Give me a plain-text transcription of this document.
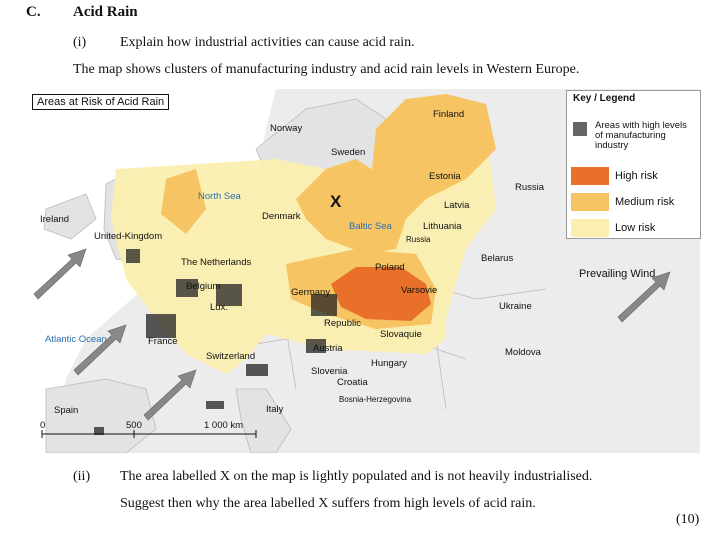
C. Acid Rain
(i) Explain how industrial activities can cause acid rain.
The map shows clusters of manufacturing industry and acid rain levels in Western Europe.
Finland
Norway
Sweden
Estonia
Russia
North Sea
Denmark
Latvia
Ireland
Baltic Sea	Lithuania
United-Kingdom	Russia
Belarus
The Netherlands	Poland
Belgium
Germany	Varsovie
Lux.	Ukraine
Republic
Slovaquie
France
Atlantic Ocean
Austria	Moldova
Switzerland
Hungary
Slovenia
Croatia
Bosnia-Herzegovina
Spain	Italy
X
0	500	1 000 km
Areas at Risk of Acid Rain	Key / Legend
Areas with high levels of manufacturing industry
High risk
Medium risk
Low risk
Prevailing Wind
(ii) The area labelled X on the map is lightly populated and is not heavily industrialised.
Suggest then why the area labelled X suffers from high levels of acid rain.
(10)
